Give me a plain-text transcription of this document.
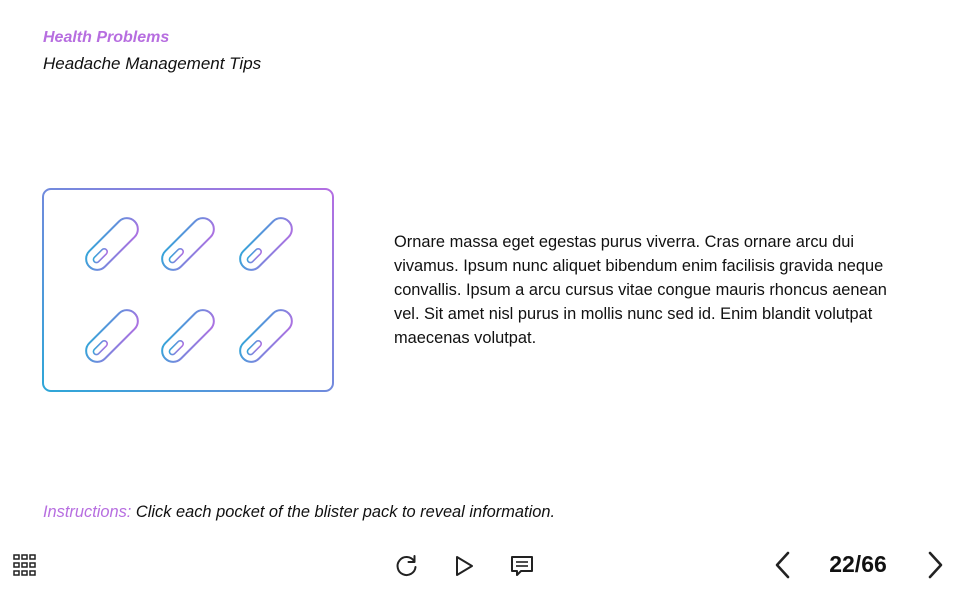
Health Problems
Headache Management Tips
Ornare massa eget egestas purus viverra. Cras ornare arcu dui vivamus. Ipsum nunc aliquet bibendum enim facilisis gravida neque convallis. Ipsum a arcu cursus vitae congue mauris rhoncus aenean vel. Sit amet nisl purus in mollis nunc sed id. Enim blandit volutpat maecenas volutpat.
Instructions: Click each pocket of the blister pack to reveal information.
22/66
